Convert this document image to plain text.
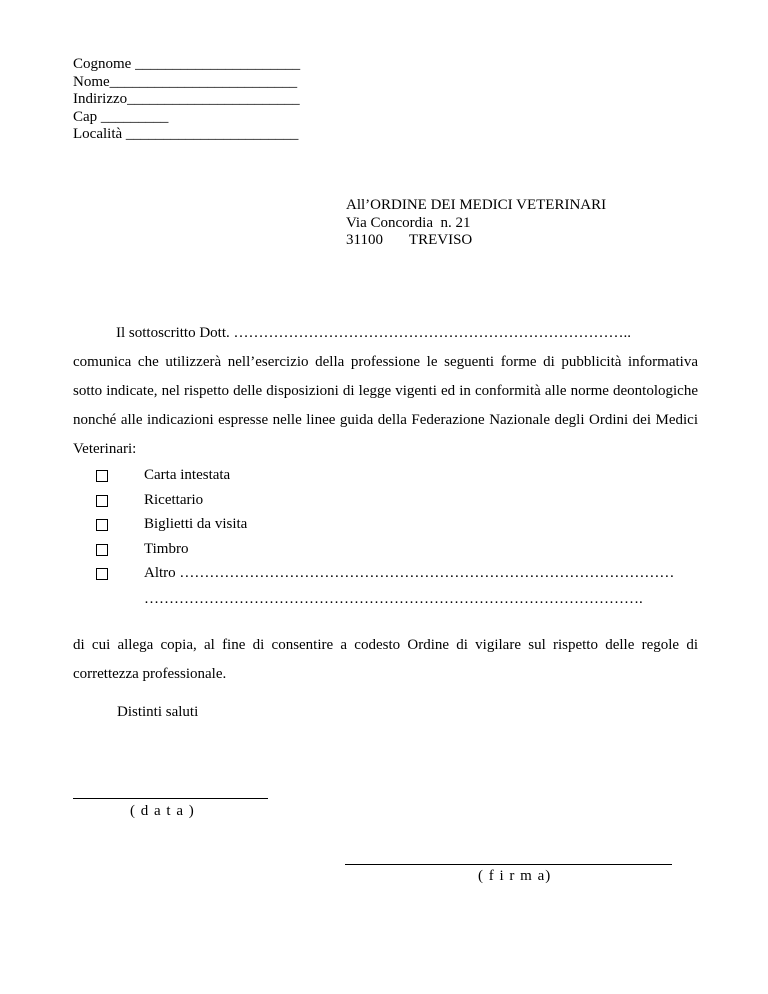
Cognome ______________________
Nome_________________________
Indirizzo_______________________
Cap _________
Località _______________________
All’ORDINE DEI MEDICI VETERINARI
Via Concordia  n. 21
31100       TREVISO
Il sottoscritto Dott. ……………………………………………………………………..
comunica che utilizzerà nell’esercizio della professione le seguenti forme di pubblicità informativa sotto indicate, nel rispetto delle disposizioni di legge vigenti ed in conformità alle norme deontologiche nonché alle indicazioni espresse nelle linee guida della Federazione Nazionale degli Ordini dei Medici Veterinari:
Carta intestata
Ricettario
Biglietti da visita
Timbro
Altro ………………………………………………………………………………………
……………………………………………………………………………………….
di cui allega copia, al fine di consentire a codesto Ordine di vigilare sul rispetto delle regole di correttezza professionale.
Distinti saluti
( d a t a )
( f i r m a)
